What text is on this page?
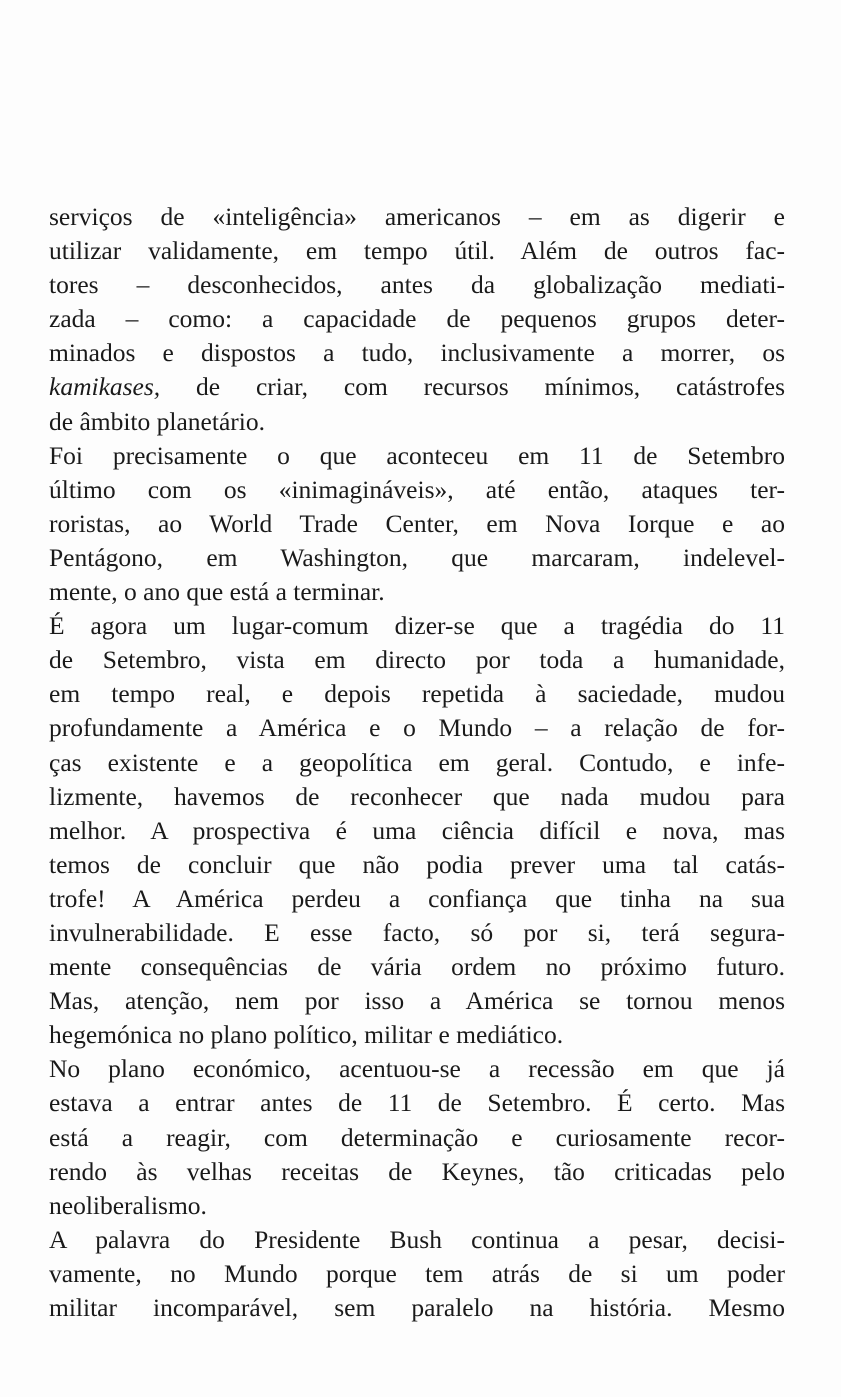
serviços de «inteligência» americanos – em as digerir e
utilizar validamente, em tempo útil. Além de outros fac-
tores – desconhecidos, antes da globalização mediati-
zada – como: a capacidade de pequenos grupos deter-
minados e dispostos a tudo, inclusivamente a morrer, os
kamikases, de criar, com recursos mínimos, catástrofes
de âmbito planetário.

Foi precisamente o que aconteceu em 11 de Setembro
último com os «inimagináveis», até então, ataques ter-
roristas, ao World Trade Center, em Nova Iorque e ao
Pentágono, em Washington, que marcaram, indelevel-
mente, o ano que está a terminar.

É agora um lugar-comum dizer-se que a tragédia do 11
de Setembro, vista em directo por toda a humanidade,
em tempo real, e depois repetida à saciedade, mudou
profundamente a América e o Mundo – a relação de for-
ças existente e a geopolítica em geral. Contudo, e infe-
lizmente, havemos de reconhecer que nada mudou para
melhor. A prospectiva é uma ciência difícil e nova, mas
temos de concluir que não podia prever uma tal catás-
trofe! A América perdeu a confiança que tinha na sua
invulnerabilidade. E esse facto, só por si, terá segura-
mente consequências de vária ordem no próximo futuro.
Mas, atenção, nem por isso a América se tornou menos
hegemónica no plano político, militar e mediático.

No plano económico, acentuou-se a recessão em que já
estava a entrar antes de 11 de Setembro. É certo. Mas
está a reagir, com determinação e curiosamente recor-
rendo às velhas receitas de Keynes, tão criticadas pelo
neoliberalismo.

A palavra do Presidente Bush continua a pesar, decisi-
vamente, no Mundo porque tem atrás de si um poder
militar incomparável, sem paralelo na história. Mesmo
